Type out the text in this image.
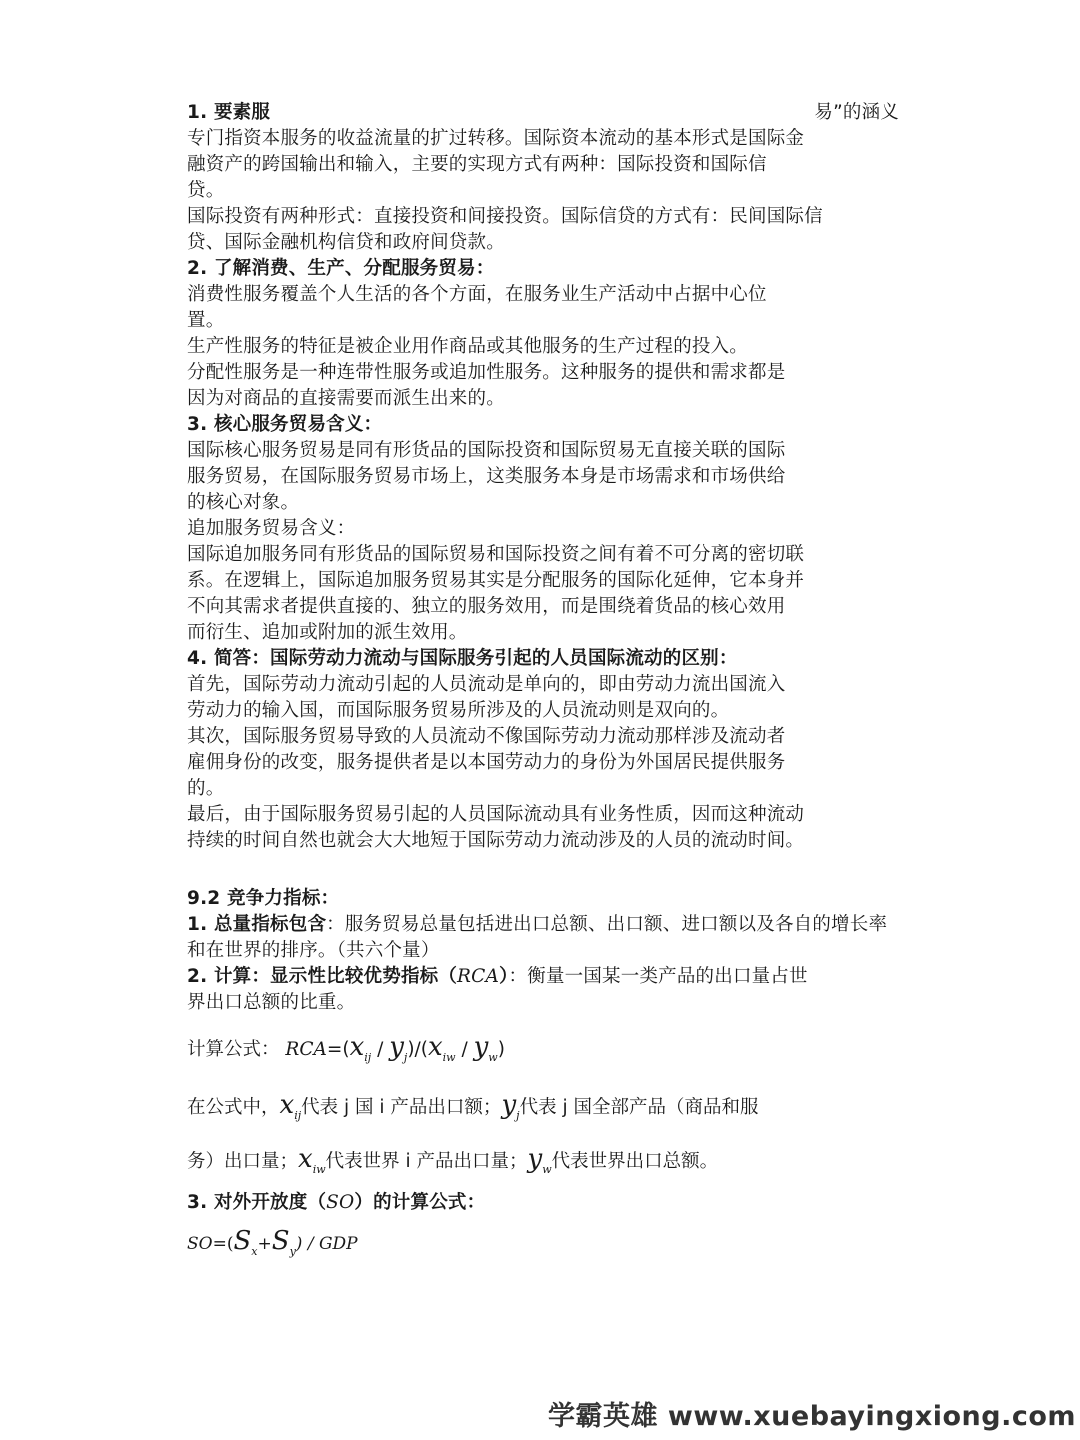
1. 要素服	易”的涵义
专门指资本服务的收益流量的扩过转移。国际资本流动的基本形式是国际金
融资产的跨国输出和输入，主要的实现方式有两种：国际投资和国际信
贷。
国际投资有两种形式：直接投资和间接投资。国际信贷的方式有：民间国际信
贷、国际金融机构信贷和政府间贷款。
2. 了解消费、生产、分配服务贸易：
消费性服务覆盖个人生活的各个方面，在服务业生产活动中占据中心位
置。
生产性服务的特征是被企业用作商品或其他服务的生产过程的投入。
分配性服务是一种连带性服务或追加性服务。这种服务的提供和需求都是
因为对商品的直接需要而派生出来的。
3. 核心服务贸易含义：
国际核心服务贸易是同有形货品的国际投资和国际贸易无直接关联的国际
服务贸易，在国际服务贸易市场上，这类服务本身是市场需求和市场供给
的核心对象。
追加服务贸易含义：
国际追加服务同有形货品的国际贸易和国际投资之间有着不可分离的密切联
系。在逻辑上，国际追加服务贸易其实是分配服务的国际化延伸，它本身并
不向其需求者提供直接的、独立的服务效用，而是围绕着货品的核心效用
而衍生、追加或附加的派生效用。
4. 简答：国际劳动力流动与国际服务引起的人员国际流动的区别：
首先，国际劳动力流动引起的人员流动是单向的，即由劳动力流出国流入
劳动力的输入国，而国际服务贸易所涉及的人员流动则是双向的。
其次，国际服务贸易导致的人员流动不像国际劳动力流动那样涉及流动者
雇佣身份的改变，服务提供者是以本国劳动力的身份为外国居民提供服务
的。
最后，由于国际服务贸易引起的人员国际流动具有业务性质，因而这种流动
持续的时间自然也就会大大地短于国际劳动力流动涉及的人员的流动时间。
9.2 竞争力指标：
1. 总量指标包含：服务贸易总量包括进出口总额、出口额、进口额以及各自的增长率
和在世界的排序。（共六个量）
2. 计算：显示性比较优势指标（RCA）：衡量一国某一类产品的出口量占世
界出口总额的比重。
计算公式： $RCA=(x_{ij} / y_j)/(x_{iw} / y_w)$
在公式中，$x_{ij}$代表 j 国 i 产品出口额；$y_j$代表 j 国全部产品（商品和服
务）出口量；$x_{iw}$代表世界 i 产品出口量；$y_w$代表世界出口总额。
3. 对外开放度（SO）的计算公式：
$SO=(S_x+S_y)$ / GDP
学霸英雄 www.xuebayingxiong.com
